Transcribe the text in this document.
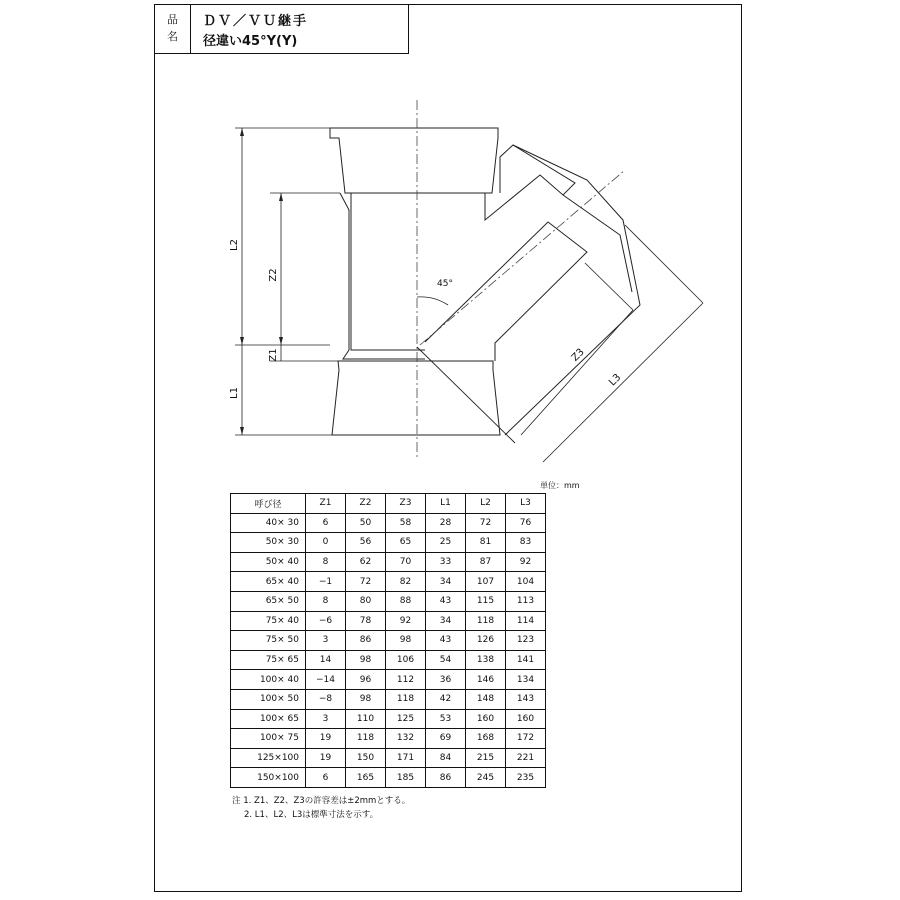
品
名
ＤＶ／ＶＵ継手
径違い45°Y(Y)
L2
Z2
Z1
L1
Z3
L3
45°
単位：mm
呼び径	Z1	Z2	Z3	L1	L2	L3
40× 30	6	50	58	28	72	76
50× 30	0	56	65	25	81	83
50× 40	8	62	70	33	87	92
65× 40	−1	72	82	34	107	104
65× 50	8	80	88	43	115	113
75× 40	−6	78	92	34	118	114
75× 50	3	86	98	43	126	123
75× 65	14	98	106	54	138	141
100× 40	−14	96	112	36	146	134
100× 50	−8	98	118	42	148	143
100× 65	3	110	125	53	160	160
100× 75	19	118	132	69	168	172
125×100	19	150	171	84	215	221
150×100	6	165	185	86	245	235
注 1. Z1、Z2、Z3の許容差は±2mmとする。
2. L1、L2、L3は標準寸法を示す。
